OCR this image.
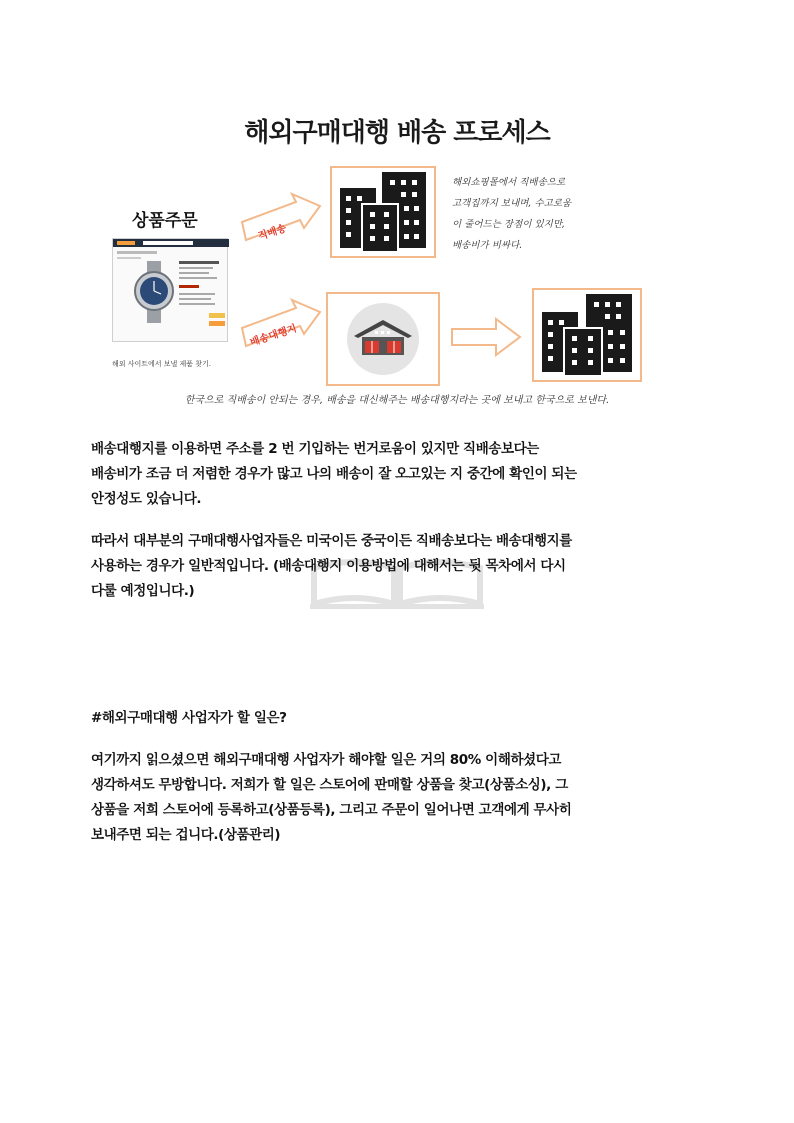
해외구매대행 배송 프로세스
상품주문
해외 사이트에서 보낼 제품 찾기.
직배송
배송대행지
해외쇼핑몰에서 직배송으로
고객집까지 보내며, 수고로움
이 줄어드는 장점이 있지만,
배송비가 비싸다.
한국으로 직배송이 안되는 경우, 배송을 대신해주는 배송대행지라는 곳에 보내고 한국으로 보낸다.
배송대행지를 이용하면 주소를 2 번 기입하는 번거로움이 있지만 직배송보다는
배송비가 조금 더 저렴한 경우가 많고 나의 배송이 잘 오고있는 지 중간에 확인이 되는
안정성도 있습니다.
따라서 대부분의 구매대행사업자들은 미국이든 중국이든 직배송보다는 배송대행지를
사용하는 경우가 일반적입니다. (배송대행지 이용방법에 대해서는 뒷 목차에서 다시
다룰 예정입니다.)
#해외구매대행 사업자가 할 일은?
여기까지 읽으셨으면 해외구매대행 사업자가 해야할 일은 거의 80% 이해하셨다고
생각하셔도 무방합니다. 저희가 할 일은 스토어에 판매할 상품을 찾고(상품소싱), 그
상품을 저희 스토어에 등록하고(상품등록), 그리고 주문이 일어나면 고객에게 무사히
보내주면 되는 겁니다.(상품관리)
